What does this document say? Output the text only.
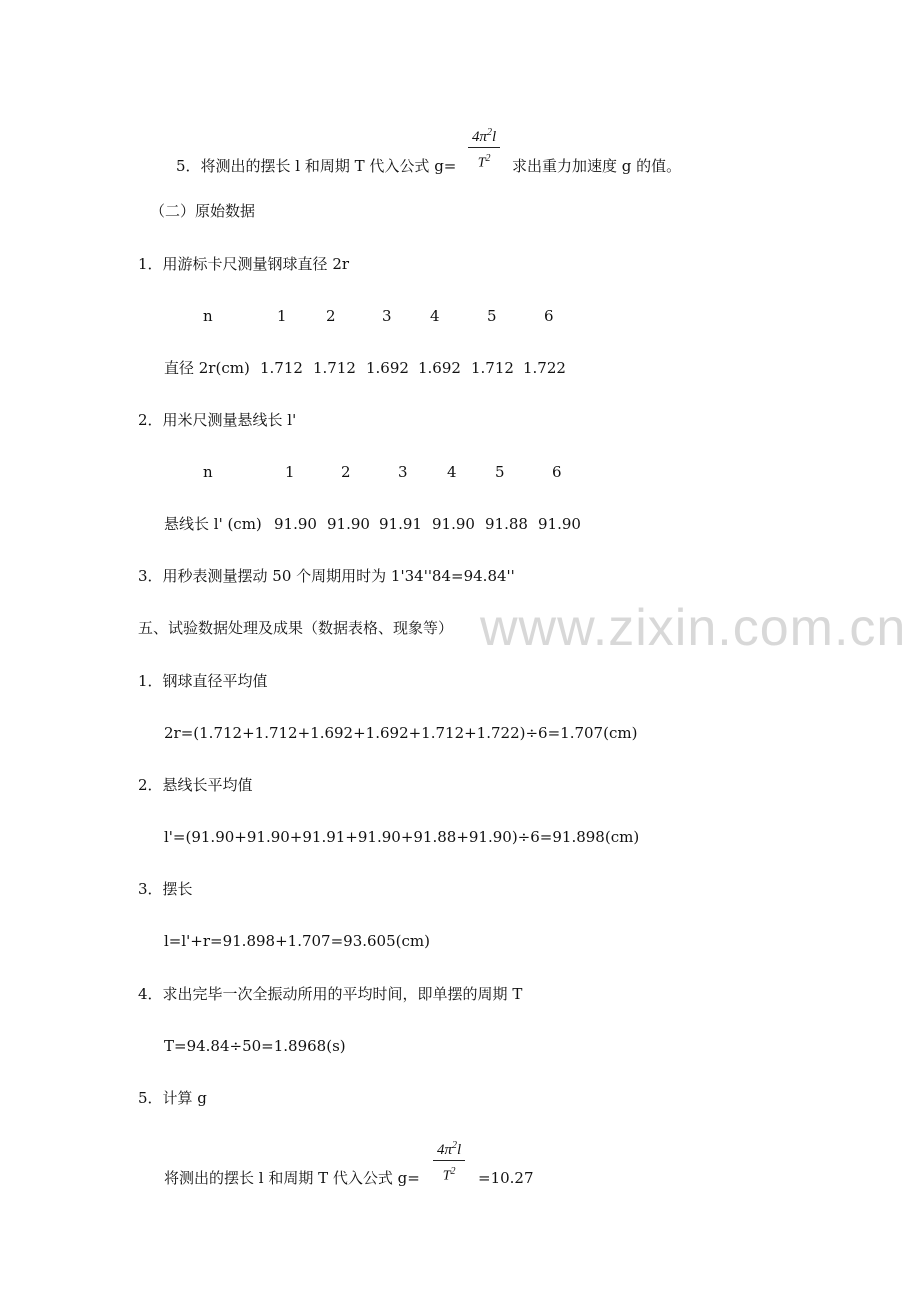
www.zixin.com.cn
5．将测出的摆长 l 和周期 T 代入公式 g=
$4\pi^2l$
$T^2$	求出重力加速度 g 的值。
（二）原始数据
1．用游标卡尺测量钢球直径 2r
n	1	2	3	4	5	6
直径 2r(cm) 1.712 1.712 1.692 1.692 1.712 1.722
2．用米尺测量悬线长 l'
n	1	2	3	4	5	6
悬线长 l' (cm) 91.90 91.90 91.91 91.90 91.88 91.90
3．用秒表测量摆动 50 个周期用时为 1'34''84=94.84''
五、试验数据处理及成果（数据表格、现象等）
1．钢球直径平均值
2r=(1.712+1.712+1.692+1.692+1.712+1.722)÷6=1.707(cm)
2．悬线长平均值
l'=(91.90+91.90+91.91+91.90+91.88+91.90)÷6=91.898(cm)
3．摆长
l=l'+r=91.898+1.707=93.605(cm)
4．求出完毕一次全振动所用的平均时间，即单摆的周期 T
T=94.84÷50=1.8968(s)
5．计算 g
将测出的摆长 l 和周期 T 代入公式 g=
$4\pi^2l$
$T^2$	=10.27
